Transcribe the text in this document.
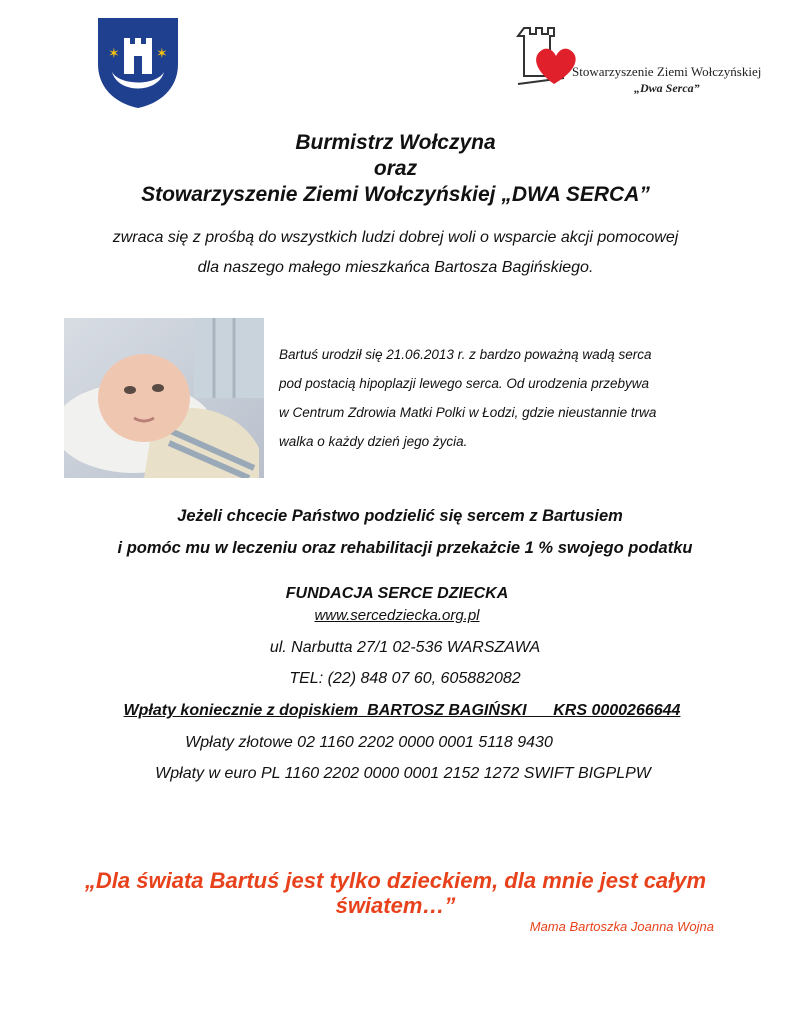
✶	✶
Stowarzyszenie Ziemi Wołczyńskiej
„Dwa Serca”
Burmistrz Wołczyna
oraz
Stowarzyszenie Ziemi Wołczyńskiej „DWA SERCA”
zwraca się z prośbą do wszystkich ludzi dobrej woli o wsparcie akcji pomocowej
dla naszego małego mieszkańca Bartosza Bagińskiego.
Bartuś urodził się 21.06.2013 r. z bardzo poważną wadą serca
pod postacią hipoplazji lewego serca. Od urodzenia przebywa
w Centrum Zdrowia Matki Polki w Łodzi, gdzie nieustannie trwa
walka o każdy dzień jego życia.
Jeżeli chcecie Państwo podzielić się sercem z Bartusiem
i pomóc mu w leczeniu oraz rehabilitacji przekażcie 1 % swojego podatku
FUNDACJA SERCE DZIECKA
www.sercedziecka.org.pl
ul. Narbutta 27/1 02-536 WARSZAWA
TEL: (22) 848 07 60, 605882082
Wpłaty koniecznie z dopiskiem  BARTOSZ BAGIŃSKI      KRS 0000266644
Wpłaty złotowe 02 1160 2202 0000 0001 5118 9430
Wpłaty w euro PL 1160 2202 0000 0001 2152 1272 SWIFT BIGPLPW
„Dla świata Bartuś jest tylko dzieckiem, dla mnie jest całym
światem…”
Mama Bartoszka Joanna Wojna
